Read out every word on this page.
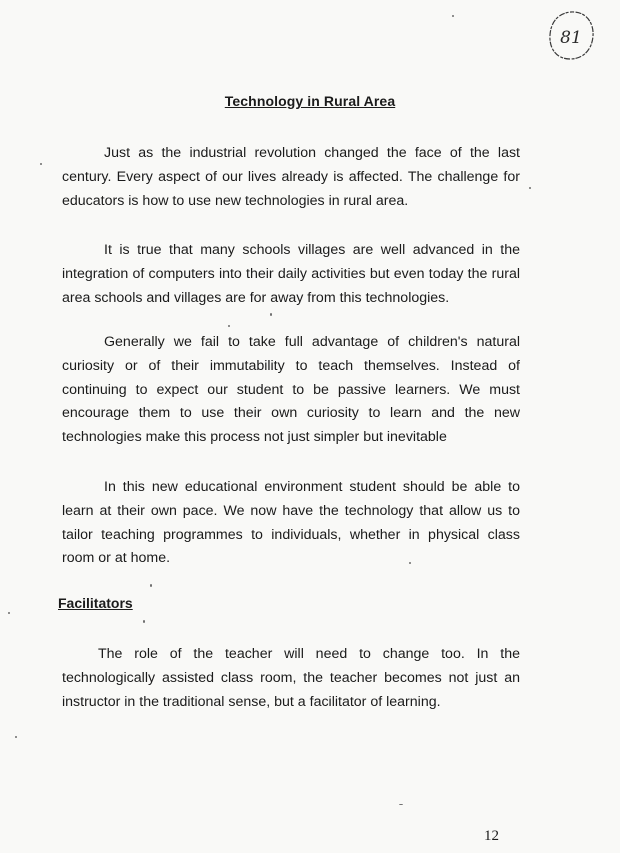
81
Technology in Rural Area

Just as the industrial revolution changed the face of the last century. Every aspect of our lives already is affected. The challenge for educators is how to use new technologies in rural area.

It is true that many schools villages are well advanced in the integration of computers into their daily activities but even today the rural area schools and villages are for away from this technologies.

Generally we fail to take full advantage of children's natural curiosity or of their immutability to teach themselves. Instead of continuing to expect our student to be passive learners. We must encourage them to use their own curiosity to learn and the new technologies make this process not just simpler but inevitable

In this new educational environment student should be able to learn at their own pace. We now have the technology that allow us to tailor teaching programmes to individuals, whether in physical class room or at home.

Facilitators

The role of the teacher will need to change too. In the technologically assisted class room, the teacher becomes not just an instructor in the traditional sense, but a facilitator of learning.

12
